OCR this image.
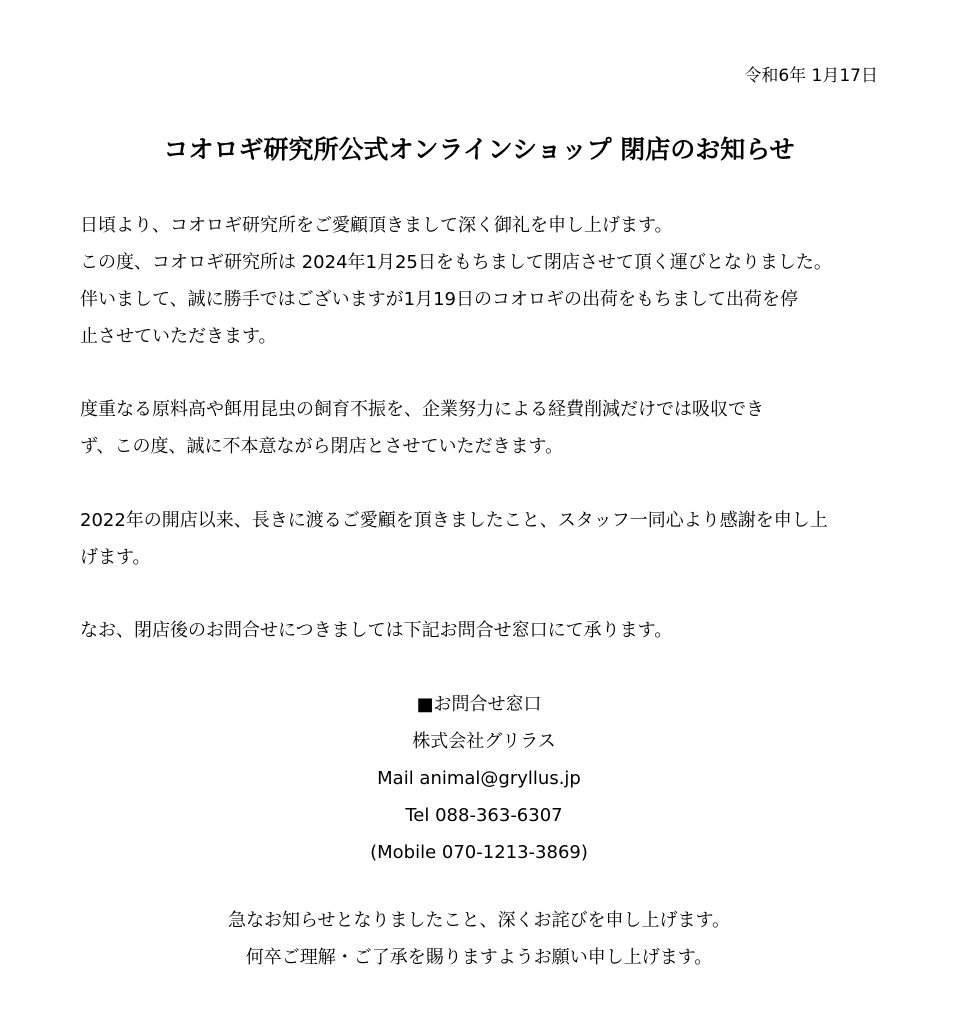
令和6年 1月17日
コオロギ研究所公式オンラインショップ 閉店のお知らせ
日頃より、コオロギ研究所をご愛顧頂きまして深く御礼を申し上げます。
この度、コオロギ研究所は 2024年1月25日をもちまして閉店させて頂く運びとなりました。
伴いまして、誠に勝手ではございますが1月19日のコオロギの出荷をもちまして出荷を停
止させていただきます。
度重なる原料高や餌用昆虫の飼育不振を、企業努力による経費削減だけでは吸収でき
ず、この度、誠に不本意ながら閉店とさせていただきます。
2022年の開店以来、長きに渡るご愛顧を頂きましたこと、スタッフ一同心より感謝を申し上
げます。
なお、閉店後のお問合せにつきましては下記お問合せ窓口にて承ります。
■お問合せ窓口
株式会社グリラス
Mail animal@gryllus.jp
Tel 088-363-6307
(Mobile 070-1213-3869)
急なお知らせとなりましたこと、深くお詫びを申し上げます。
何卒ご理解・ご了承を賜りますようお願い申し上げます。
